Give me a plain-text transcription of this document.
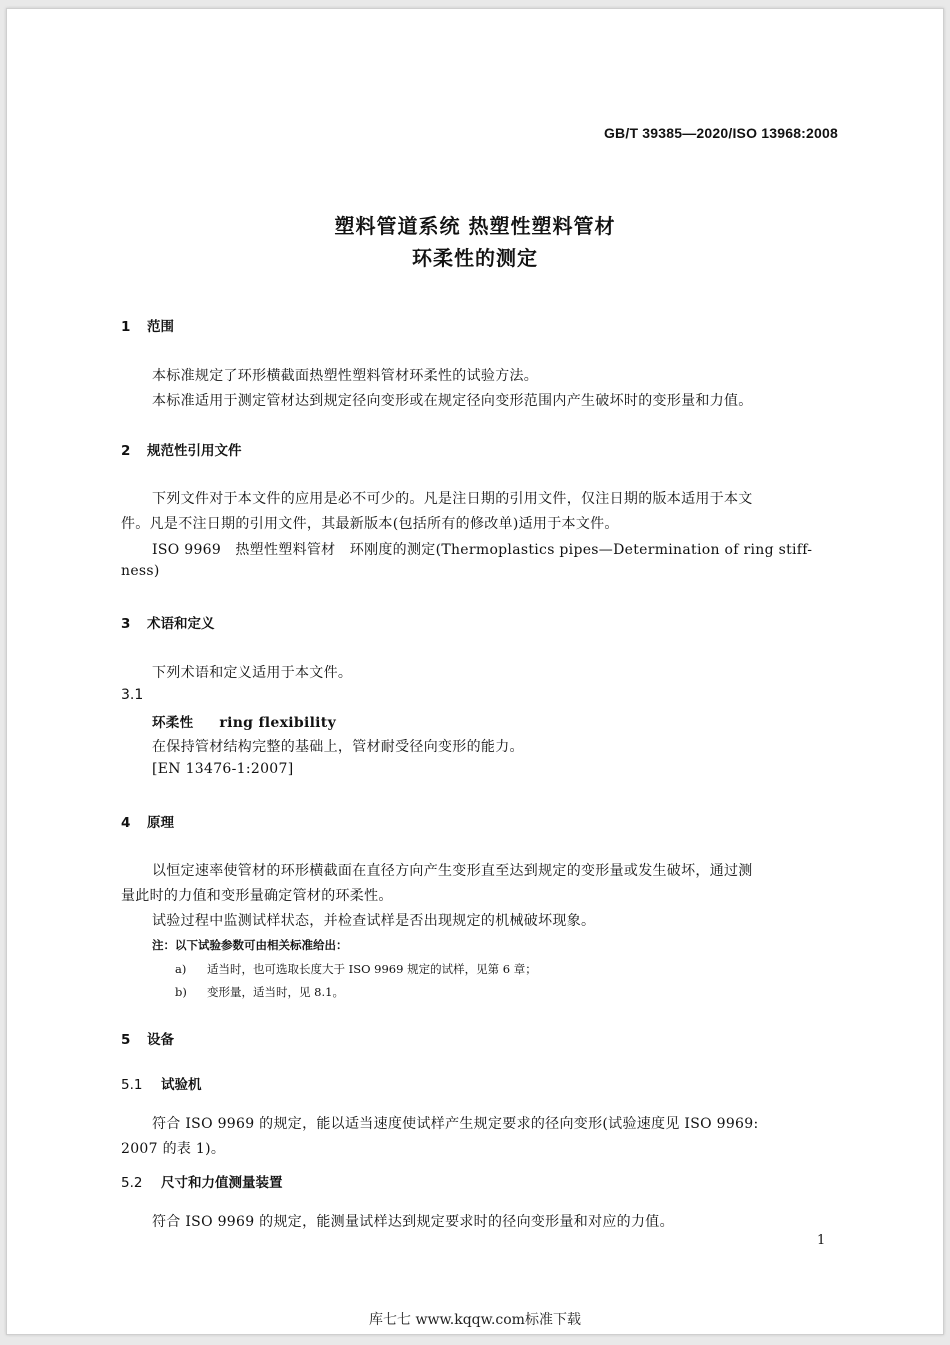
GB/T 39385—2020/ISO 13968:2008
塑料管道系统 热塑性塑料管材
环柔性的测定
1 范围
本标准规定了环形横截面热塑性塑料管材环柔性的试验方法。
本标准适用于测定管材达到规定径向变形或在规定径向变形范围内产生破坏时的变形量和力值。
2 规范性引用文件
下列文件对于本文件的应用是必不可少的。凡是注日期的引用文件，仅注日期的版本适用于本文
件。凡是不注日期的引用文件，其最新版本(包括所有的修改单)适用于本文件。
ISO 9969　热塑性塑料管材　环刚度的测定(Thermoplastics pipes—Determination of ring stiff-
ness)
3 术语和定义
下列术语和定义适用于本文件。
3.1
环柔性 ring flexibility
在保持管材结构完整的基础上，管材耐受径向变形的能力。
[EN 13476-1:2007]
4 原理
以恒定速率使管材的环形横截面在直径方向产生变形直至达到规定的变形量或发生破坏，通过测
量此时的力值和变形量确定管材的环柔性。
试验过程中监测试样状态，并检查试样是否出现规定的机械破坏现象。
注：以下试验参数可由相关标准给出：
a) 适当时，也可选取长度大于 ISO 9969 规定的试样，见第 6 章；
b) 变形量，适当时，见 8.1。
5 设备
5.1 试验机
符合 ISO 9969 的规定，能以适当速度使试样产生规定要求的径向变形(试验速度见 ISO 9969:
2007 的表 1)。
5.2 尺寸和力值测量装置
符合 ISO 9969 的规定，能测量试样达到规定要求时的径向变形量和对应的力值。
1
库七七 www.kqqw.com标准下载
